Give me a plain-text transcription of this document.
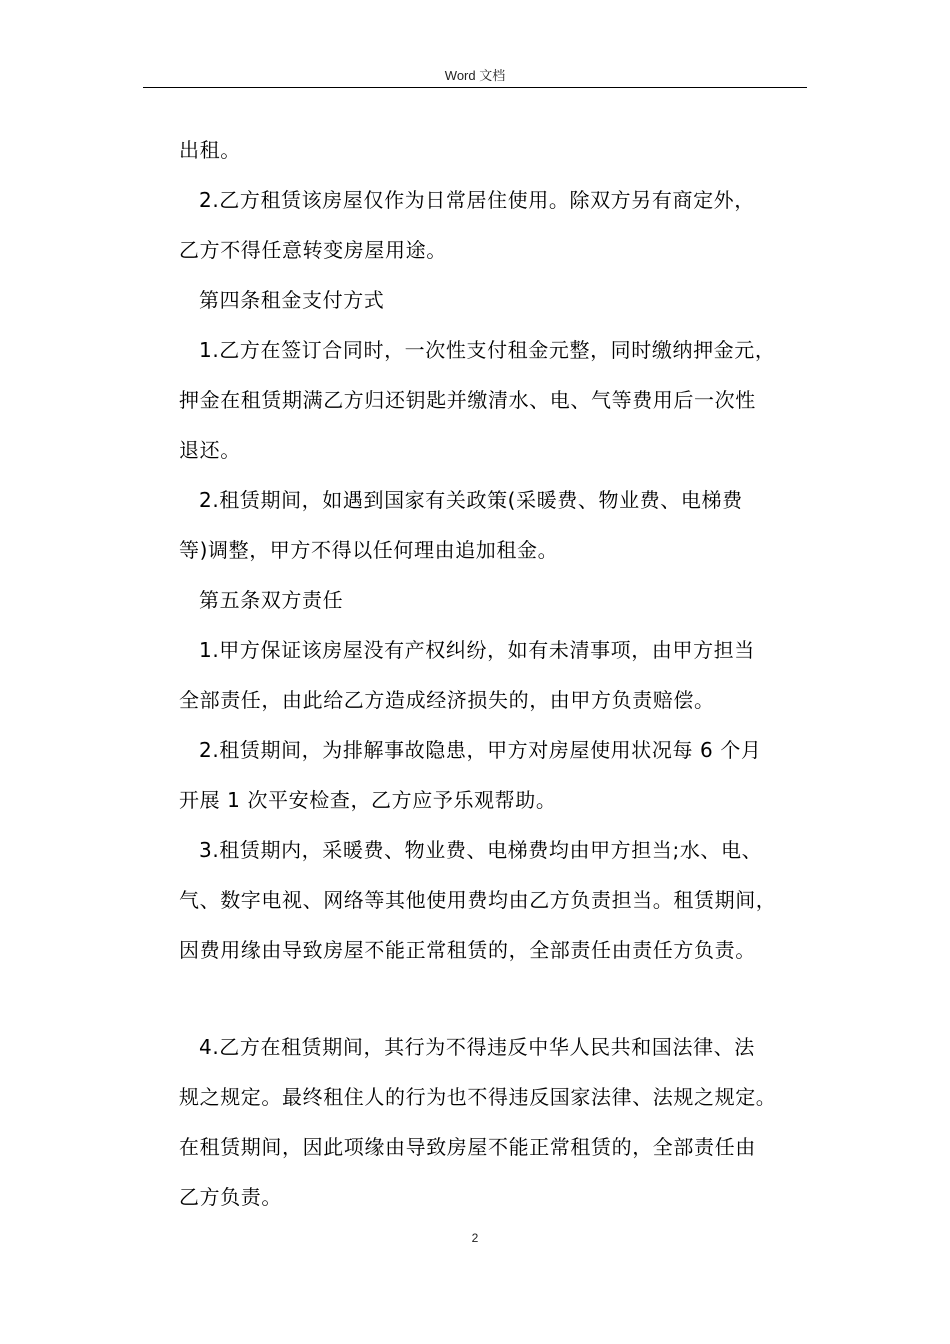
Word 文档
出租。
2.乙方租赁该房屋仅作为日常居住使用。除双方另有商定外，
乙方不得任意转变房屋用途。
第四条租金支付方式
1.乙方在签订合同时，一次性支付租金元整，同时缴纳押金元，
押金在租赁期满乙方归还钥匙并缴清水、电、气等费用后一次性
退还。
2.租赁期间，如遇到国家有关政策(采暖费、物业费、电梯费
等)调整，甲方不得以任何理由追加租金。
第五条双方责任
1.甲方保证该房屋没有产权纠纷，如有未清事项，由甲方担当
全部责任，由此给乙方造成经济损失的，由甲方负责赔偿。
2.租赁期间，为排解事故隐患，甲方对房屋使用状况每 6 个月
开展 1 次平安检查，乙方应予乐观帮助。
3.租赁期内，采暖费、物业费、电梯费均由甲方担当;水、电、
气、数字电视、网络等其他使用费均由乙方负责担当。租赁期间，
因费用缘由导致房屋不能正常租赁的，全部责任由责任方负责。
4.乙方在租赁期间，其行为不得违反中华人民共和国法律、法
规之规定。最终租住人的行为也不得违反国家法律、法规之规定。
在租赁期间，因此项缘由导致房屋不能正常租赁的，全部责任由
乙方负责。
2
